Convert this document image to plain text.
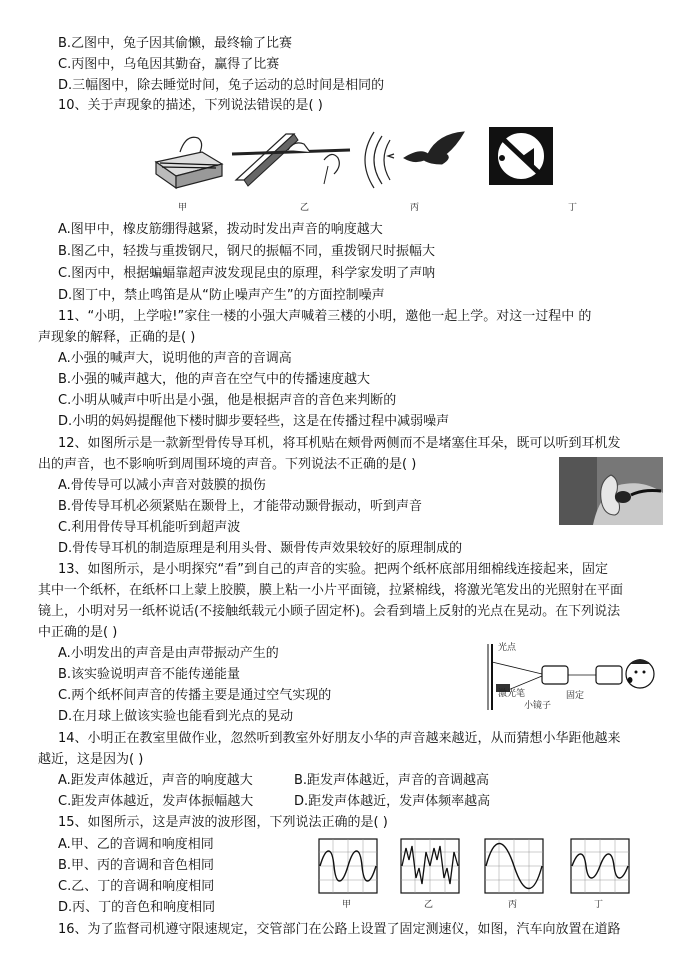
B.乙图中，兔子因其偷懒，最终输了比赛
C.丙图中，乌龟因其勤奋，赢得了比赛
D.三幅图中，除去睡觉时间，兔子运动的总时间是相同的
10、关于声现象的描述，下列说法错误的是( )
甲	乙	丙	丁
A.图甲中，橡皮筋绷得越紧，拨动时发出声音的响度越大
B.图乙中，轻拨与重拨钢尺，钢尺的振幅不同，重拨钢尺时振幅大
C.图丙中，根据蝙蝠靠超声波发现昆虫的原理，科学家发明了声呐
D.图丁中，禁止鸣笛是从“防止噪声产生”的方面控制噪声
11、“小明，上学啦!”家住一楼的小强大声喊着三楼的小明，邀他一起上学。对这一过程中 的
声现象的解释，正确的是( )
A.小强的喊声大，说明他的声音的音调高
B.小强的喊声越大，他的声音在空气中的传播速度越大
C.小明从喊声中听出是小强，他是根据声音的音色来判断的
D.小明的妈妈提醒他下楼时脚步要轻些，这是在传播过程中减弱噪声
12、如图所示是一款新型骨传导耳机，将耳机贴在颊骨两侧而不是堵塞住耳朵，既可以听到耳机发
出的声音，也不影响听到周围环境的声音。下列说法不正确的是( )
A.骨传导可以减小声音对鼓膜的损伤
B.骨传导耳机必须紧贴在颞骨上，才能带动颞骨振动，听到声音
C.利用骨传导耳机能听到超声波
D.骨传导耳机的制造原理是利用头骨、颞骨传声效果较好的原理制成的
13、如图所示，是小明探究“看”到自己的声音的实验。把两个纸杯底部用细棉线连接起来，固定
其中一个纸杯，在纸杯口上蒙上胶膜，膜上粘一小片平面镜，拉紧棉线，将激光笔发出的光照射在平面
镜上，小明对另一纸杯说话(不接触纸载元小顾子固定杯)。会看到墙上反射的光点在晃动。在下列说法
中正确的是( )
光点
激光笔
小镜子
固定
A.小明发出的声音是由声带振动产生的
B.该实验说明声音不能传递能量
C.两个纸杯间声音的传播主要是通过空气实现的
D.在月球上做该实验也能看到光点的晃动
14、小明正在教室里做作业，忽然听到教室外好朋友小华的声音越来越近，从而猜想小华距他越来
越近，这是因为( )
A.距发声体越近，声音的响度越大	B.距发声体越近，声音的音调越高
C.距发声体越近，发声体振幅越大	D.距发声体越近，发声体频率越高
15、如图所示，这是声波的波形图，下列说法正确的是( )
A.甲、乙的音调和响度相同
B.甲、丙的音调和音色相同
C.乙、丁的音调和响度相同
D.丙、丁的音色和响度相同	甲	乙	丙	丁
16、为了监督司机遵守限速规定，交管部门在公路上设置了固定测速仪，如图，汽车向放置在道路
